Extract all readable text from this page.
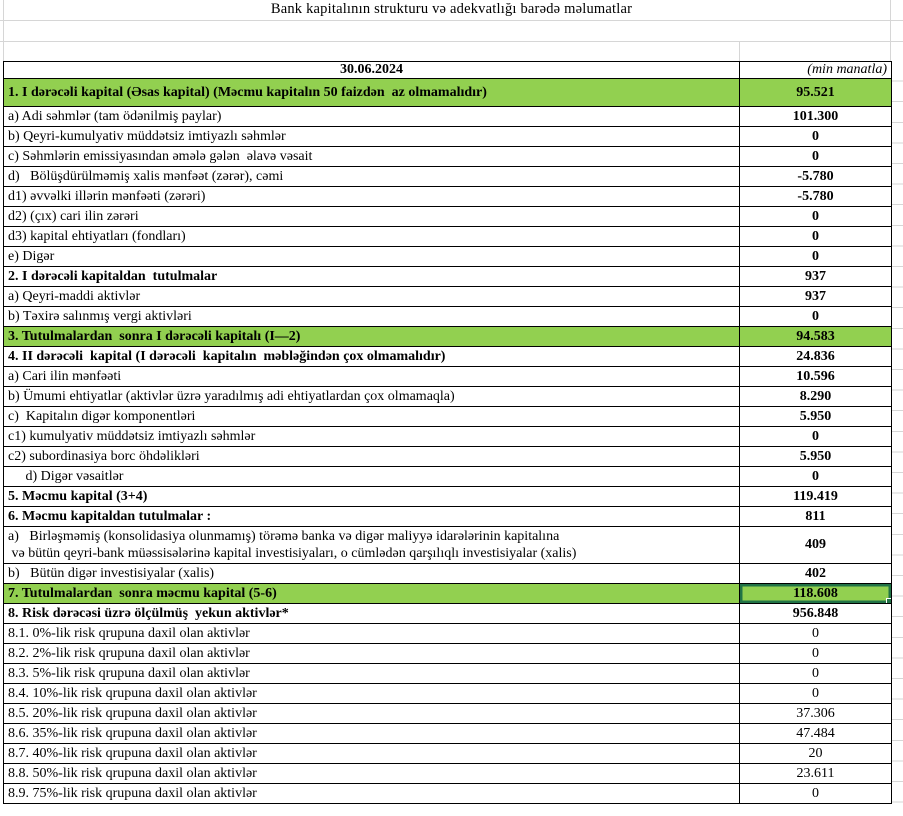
Bank kapitalının strukturu və adekvatlığı barədə məlumatlar
30.06.2024	(min manatla)
1. I dərəcəli kapital (Əsas kapital) (Məcmu kapitalın 50 faizdən  az olmamalıdır)	95.521
a) Adi səhmlər (tam ödənilmiş paylar)	101.300
b) Qeyri-kumulyativ müddətsiz imtiyazlı səhmlər	0
c) Səhmlərin emissiyasından əmələ gələn  əlavə vəsait	0
d)   Bölüşdürülməmiş xalis mənfəət (zərər), cəmi	-5.780
d1) əvvəlki illərin mənfəəti (zərəri)	-5.780
d2) (çıx) cari ilin zərəri	0
d3) kapital ehtiyatları (fondları)	0
e) Digər	0
2. I dərəcəli kapitaldan  tutulmalar	937
a) Qeyri-maddi aktivlər	937
b) Təxirə salınmış vergi aktivləri	0
3. Tutulmalardan  sonra I dərəcəli kapitalı (I—2)	94.583
4. II dərəcəli  kapital (I dərəcəli  kapitalın  məbləğindən çox olmamalıdır)	24.836
a) Cari ilin mənfəəti	10.596
b) Ümumi ehtiyatlar (aktivlər üzrə yaradılmış adi ehtiyatlardan çox olmamaqla)	8.290
c)  Kapitalın digər komponentləri	5.950
c1) kumulyativ müddətsiz imtiyazlı səhmlər	0
c2) subordinasiya borc öhdəlikləri	5.950
d) Digər vəsaitlər	0
5. Məcmu kapital (3+4)	119.419
6. Məcmu kapitaldan tutulmalar :	811

a)   Birləşməmiş (konsolidasiya olunmamış) törəmə banka və digər maliyyə idarələrinin kapitalına
və bütün qeyri-bank müəssisələrinə kapital investisiyaları, o cümlədən qarşılıqlı investisiyalar (xalis)	409
b)   Bütün digər investisiyalar (xalis)	402
7. Tutulmalardan  sonra məcmu kapital (5-6)	118.608
8. Risk dərəcəsi üzrə ölçülmüş  yekun aktivlər*	956.848
8.1. 0%-lik risk qrupuna daxil olan aktivlər	0
8.2. 2%-lik risk qrupuna daxil olan aktivlər	0
8.3. 5%-lik risk qrupuna daxil olan aktivlər	0
8.4. 10%-lik risk qrupuna daxil olan aktivlər	0
8.5. 20%-lik risk qrupuna daxil olan aktivlər	37.306
8.6. 35%-lik risk qrupuna daxil olan aktivlər	47.484
8.7. 40%-lik risk qrupuna daxil olan aktivlər	20
8.8. 50%-lik risk qrupuna daxil olan aktivlər	23.611
8.9. 75%-lik risk qrupuna daxil olan aktivlər	0
